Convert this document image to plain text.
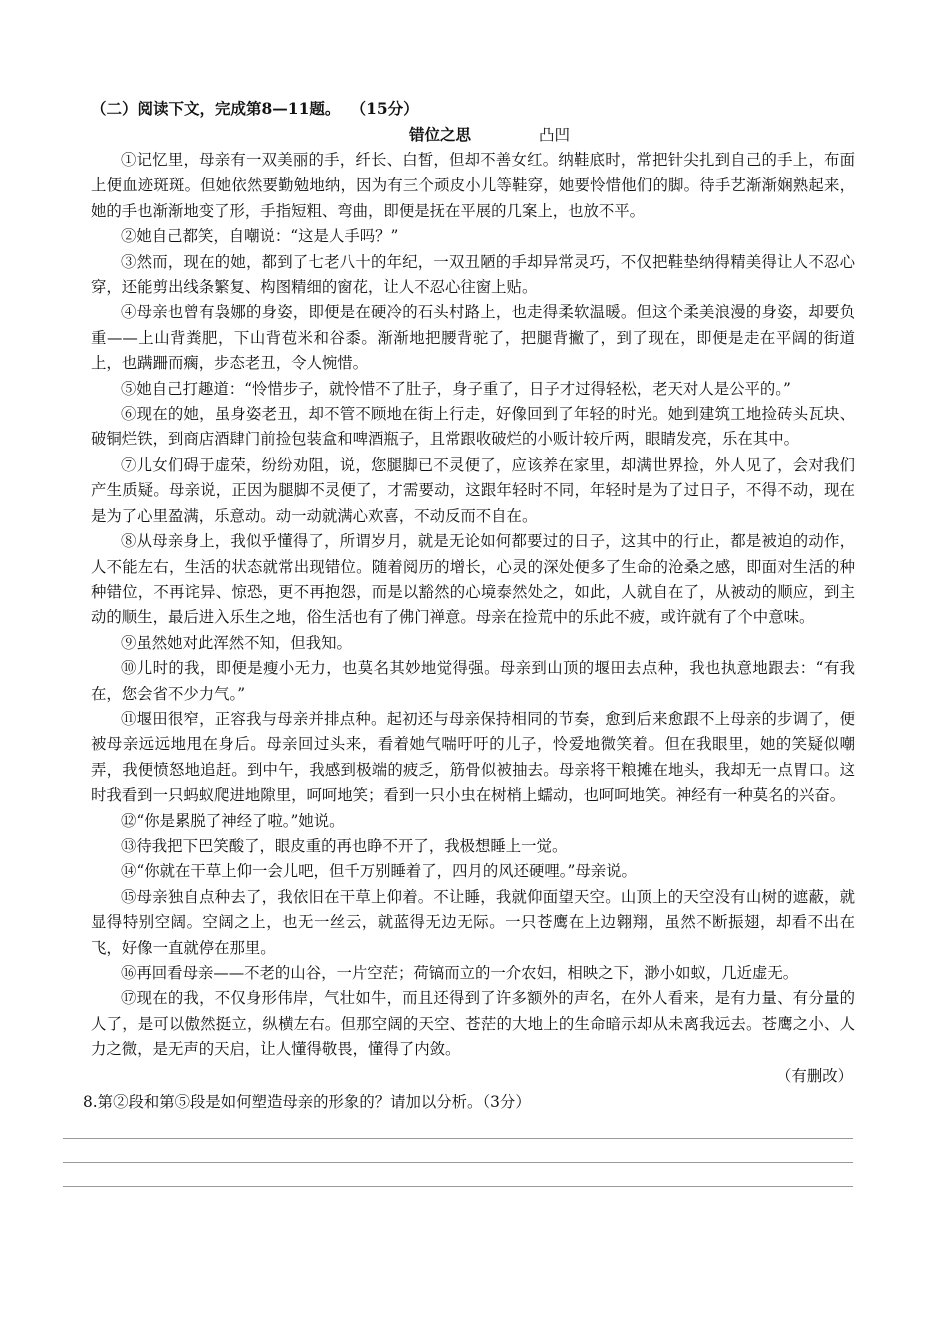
（二）阅读下文，完成第8—11题。 （15分）

错位之思	凸凹

①记忆里，母亲有一双美丽的手，纤长、白皙，但却不善女红。纳鞋底时，常把针尖扎到自己的手上，布面上便血迹斑斑。但她依然要勤勉地纳，因为有三个顽皮小儿等鞋穿，她要怜惜他们的脚。待手艺渐渐娴熟起来，她的手也渐渐地变了形，手指短粗、弯曲，即便是抚在平展的几案上，也放不平。

②她自己都笑，自嘲说：“这是人手吗？”

③然而，现在的她，都到了七老八十的年纪，一双丑陋的手却异常灵巧，不仅把鞋垫纳得精美得让人不忍心穿，还能剪出线条繁复、构图精细的窗花，让人不忍心往窗上贴。

④母亲也曾有袅娜的身姿，即便是在硬冷的石头村路上，也走得柔软温暖。但这个柔美浪漫的身姿，却要负重——上山背粪肥，下山背苞米和谷黍。渐渐地把腰背驼了，把腿背撇了，到了现在，即便是走在平阔的街道上，也蹒跚而瘸，步态老丑，令人惋惜。

⑤她自己打趣道：“怜惜步子，就怜惜不了肚子，身子重了，日子才过得轻松，老天对人是公平的。”

⑥现在的她，虽身姿老丑，却不管不顾地在街上行走，好像回到了年轻的时光。她到建筑工地捡砖头瓦块、破铜烂铁，到商店酒肆门前捡包装盒和啤酒瓶子，且常跟收破烂的小贩计较斤两，眼睛发亮，乐在其中。

⑦儿女们碍于虚荣，纷纷劝阻，说，您腿脚已不灵便了，应该养在家里，却满世界捡，外人见了，会对我们产生质疑。母亲说，正因为腿脚不灵便了，才需要动，这跟年轻时不同，年轻时是为了过日子，不得不动，现在是为了心里盈满，乐意动。动一动就满心欢喜，不动反而不自在。

⑧从母亲身上，我似乎懂得了，所谓岁月，就是无论如何都要过的日子，这其中的行止，都是被迫的动作，人不能左右，生活的状态就常出现错位。随着阅历的增长，心灵的深处便多了生命的沧桑之感，即面对生活的种种错位，不再诧异、惊恐，更不再抱怨，而是以豁然的心境泰然处之，如此，人就自在了，从被动的顺应，到主动的顺生，最后进入乐生之地，俗生活也有了佛门禅意。母亲在捡荒中的乐此不疲，或许就有了个中意味。

⑨虽然她对此浑然不知，但我知。

⑩儿时的我，即便是瘦小无力，也莫名其妙地觉得强。母亲到山顶的堰田去点种，我也执意地跟去：“有我在，您会省不少力气。”

⑪堰田很窄，正容我与母亲并排点种。起初还与母亲保持相同的节奏，愈到后来愈跟不上母亲的步调了，便被母亲远远地甩在身后。母亲回过头来，看着她气喘吁吁的儿子，怜爱地微笑着。但在我眼里，她的笑疑似嘲弄，我便愤怒地追赶。到中午，我感到极端的疲乏，筋骨似被抽去。母亲将干粮摊在地头，我却无一点胃口。这时我看到一只蚂蚁爬进地隙里，呵呵地笑；看到一只小虫在树梢上蠕动，也呵呵地笑。神经有一种莫名的兴奋。

⑫“你是累脱了神经了啦。”她说。

⑬待我把下巴笑酸了，眼皮重的再也睁不开了，我极想睡上一觉。

⑭“你就在干草上仰一会儿吧，但千万别睡着了，四月的风还硬哩。”母亲说。

⑮母亲独自点种去了，我依旧在干草上仰着。不让睡，我就仰面望天空。山顶上的天空没有山树的遮蔽，就显得特别空阔。空阔之上，也无一丝云，就蓝得无边无际。一只苍鹰在上边翱翔，虽然不断振翅，却看不出在飞，好像一直就停在那里。

⑯再回看母亲——不老的山谷，一片空茫；荷镐而立的一介农妇，相映之下，渺小如蚁，几近虚无。

⑰现在的我，不仅身形伟岸，气壮如牛，而且还得到了许多额外的声名，在外人看来，是有力量、有分量的人了，是可以傲然挺立，纵横左右。但那空阔的天空、苍茫的大地上的生命暗示却从未离我远去。苍鹰之小、人力之微，是无声的天启，让人懂得敬畏，懂得了内敛。

（有删改）

8.第②段和第⑤段是如何塑造母亲的形象的？请加以分析。（3分）
